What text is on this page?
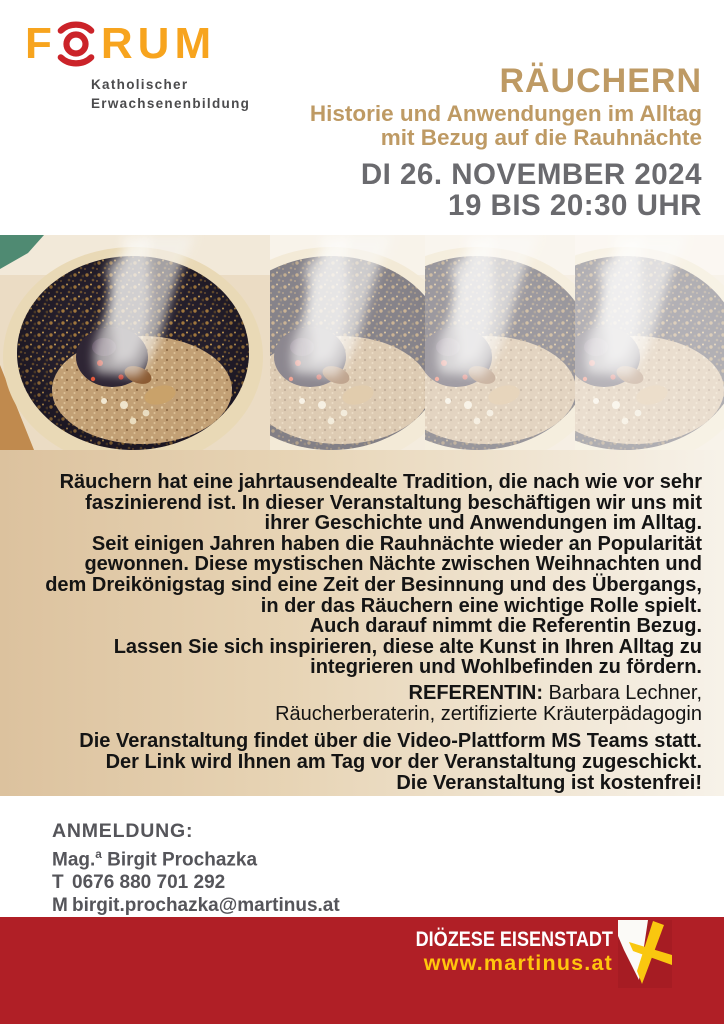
F RUM
Katholischer
Erwachsenenbildung
RÄUCHERN
Historie und Anwendungen im Alltag
mit Bezug auf die Rauhnächte
DI 26. NOVEMBER 2024
19 BIS 20:30 UHR

Räuchern hat eine jahrtausendealte Tradition, die nach wie vor sehr faszinierend ist. In dieser Veranstaltung beschäftigen wir uns mit ihrer Geschichte und Anwendungen im Alltag.

Seit einigen Jahren haben die Rauhnächte wieder an Popularität gewonnen. Diese mystischen Nächte zwischen Weihnachten und dem Dreikönigstag sind eine Zeit der Besinnung und des Übergangs, in der das Räuchern eine wichtige Rolle spielt.

Auch darauf nimmt die Referentin Bezug.

Lassen Sie sich inspirieren, diese alte Kunst in Ihren Alltag zu integrieren und Wohlbefinden zu fördern.

REFERENTIN: Barbara Lechner,
Räucherberaterin, zertifizierte Kräuterpädagogin

Die Veranstaltung findet über die Video-Plattform MS Teams statt.

Der Link wird Ihnen am Tag vor der Veranstaltung zugeschickt.

Die Veranstaltung ist kostenfrei!

ANMELDUNG:

Mag.$^a$ Birgit Prochazka
T 0676 880 701 292
M birgit.prochazka@martinus.at
DIÖZESE EISENSTADT
www.martinus.at
